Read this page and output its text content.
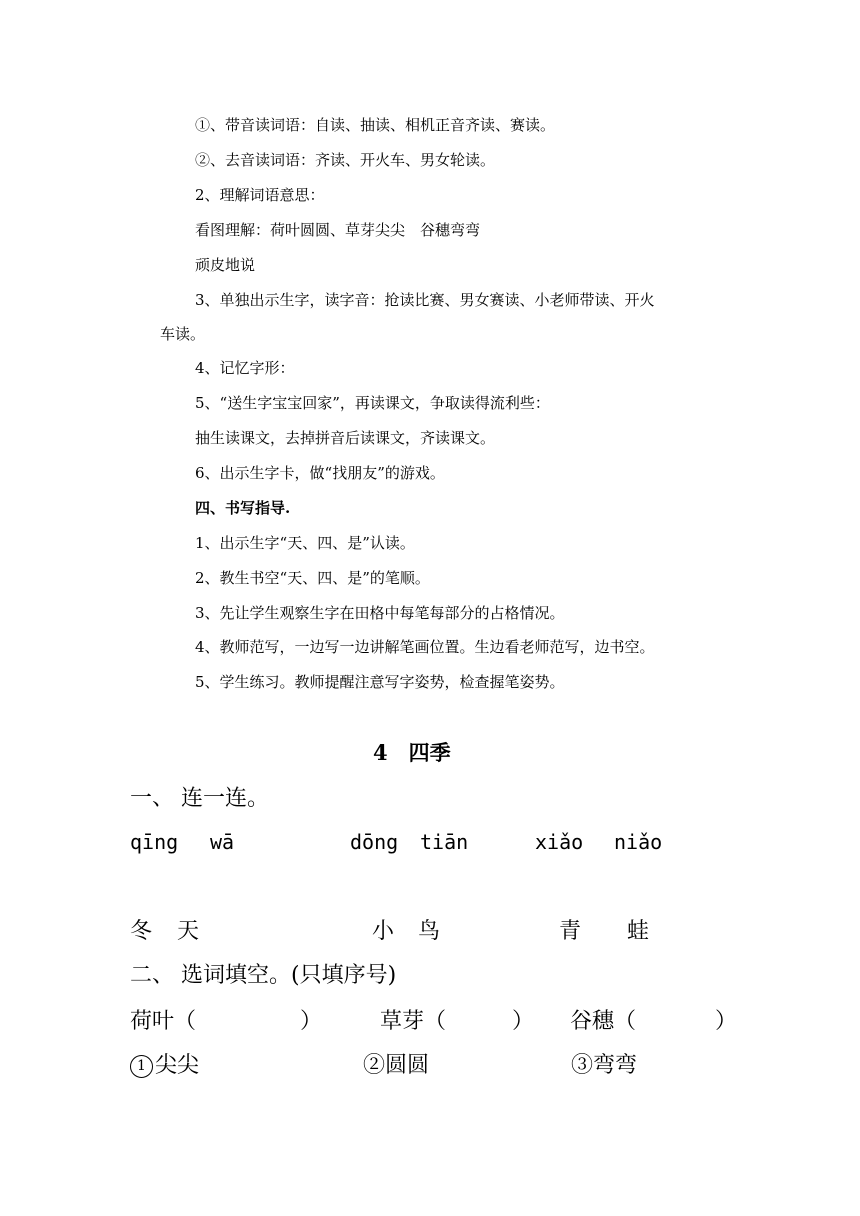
①、带音读词语：自读、抽读、相机正音齐读、赛读。
②、去音读词语：齐读、开火车、男女轮读。
2、理解词语意思：
看图理解：荷叶圆圆、草芽尖尖　谷穗弯弯
顽皮地说
3、单独出示生字，读字音：抢读比赛、男女赛读、小老师带读、开火
车读。
4、记忆字形：
5、“送生字宝宝回家”，再读课文，争取读得流利些：
抽生读课文，去掉拼音后读课文，齐读课文。
6、出示生字卡，做“找朋友”的游戏。
四、书写指导.
1、出示生字“天、四、是”认读。
2、教生书空“天、四、是”的笔顺。
3、先让学生观察生字在田格中每笔每部分的占格情况。
4、教师范写，一边写一边讲解笔画位置。生边看老师范写，边书空。
5、学生练习。教师提醒注意写字姿势，检查握笔姿势。
4　四季
一、 连一连。
qīng wā	dōng tiān	xiǎo niǎo
冬 天	小 鸟	青 蛙
二、 选词填空。(只填序号)
荷叶（	）	草芽（	） 谷穗（	）
1 尖尖	②圆圆	③弯弯
